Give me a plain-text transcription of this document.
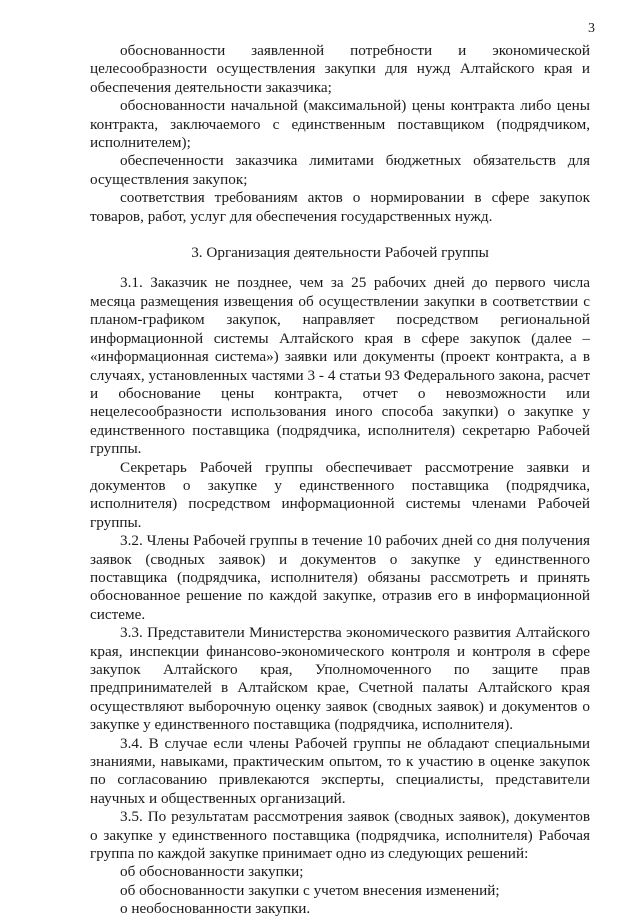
3

обоснованности заявленной потребности и экономической целесообразности осуществления закупки для нужд Алтайского края и обеспечения деятельности заказчика;

обоснованности начальной (максимальной) цены контракта либо цены контракта, заключаемого с единственным поставщиком (подрядчиком, исполнителем);

обеспеченности заказчика лимитами бюджетных обязательств для осуществления закупок;

соответствия требованиям актов о нормировании в сфере закупок товаров, работ, услуг для обеспечения государственных нужд.

3. Организация деятельности Рабочей группы

3.1. Заказчик не позднее, чем за 25 рабочих дней до первого числа месяца размещения извещения об осуществлении закупки в соответствии с планом-графиком закупок, направляет посредством региональной информационной системы Алтайского края в сфере закупок (далее – «информационная система») заявки или документы (проект контракта, а в случаях, установленных частями 3 - 4 статьи 93 Федерального закона, расчет и обоснование цены контракта, отчет о невозможности или нецелесообразности использования иного способа закупки) о закупке у единственного поставщика (подрядчика, исполнителя) секретарю Рабочей группы.

Секретарь Рабочей группы обеспечивает рассмотрение заявки и документов о закупке у единственного поставщика (подрядчика, исполнителя) посредством информационной системы членами Рабочей группы.

3.2. Члены Рабочей группы в течение 10 рабочих дней со дня получения заявок (сводных заявок) и документов о закупке у единственного поставщика (подрядчика, исполнителя) обязаны рассмотреть и принять обоснованное решение по каждой закупке, отразив его в информационной системе.

3.3. Представители Министерства экономического развития Алтайского края, инспекции финансово-экономического контроля и контроля в сфере закупок Алтайского края, Уполномоченного по защите прав предпринимателей в Алтайском крае, Счетной палаты Алтайского края осуществляют выборочную оценку заявок (сводных заявок) и документов о закупке у единственного поставщика (подрядчика, исполнителя).

3.4. В случае если члены Рабочей группы не обладают специальными знаниями, навыками, практическим опытом, то к участию в оценке закупок по согласованию привлекаются эксперты, специалисты, представители научных и общественных организаций.

3.5. По результатам рассмотрения заявок (сводных заявок), документов о закупке у единственного поставщика (подрядчика, исполнителя) Рабочая группа по каждой закупке принимает одно из следующих решений:

об обоснованности закупки;

об обоснованности закупки с учетом внесения изменений;

о необоснованности закупки.
